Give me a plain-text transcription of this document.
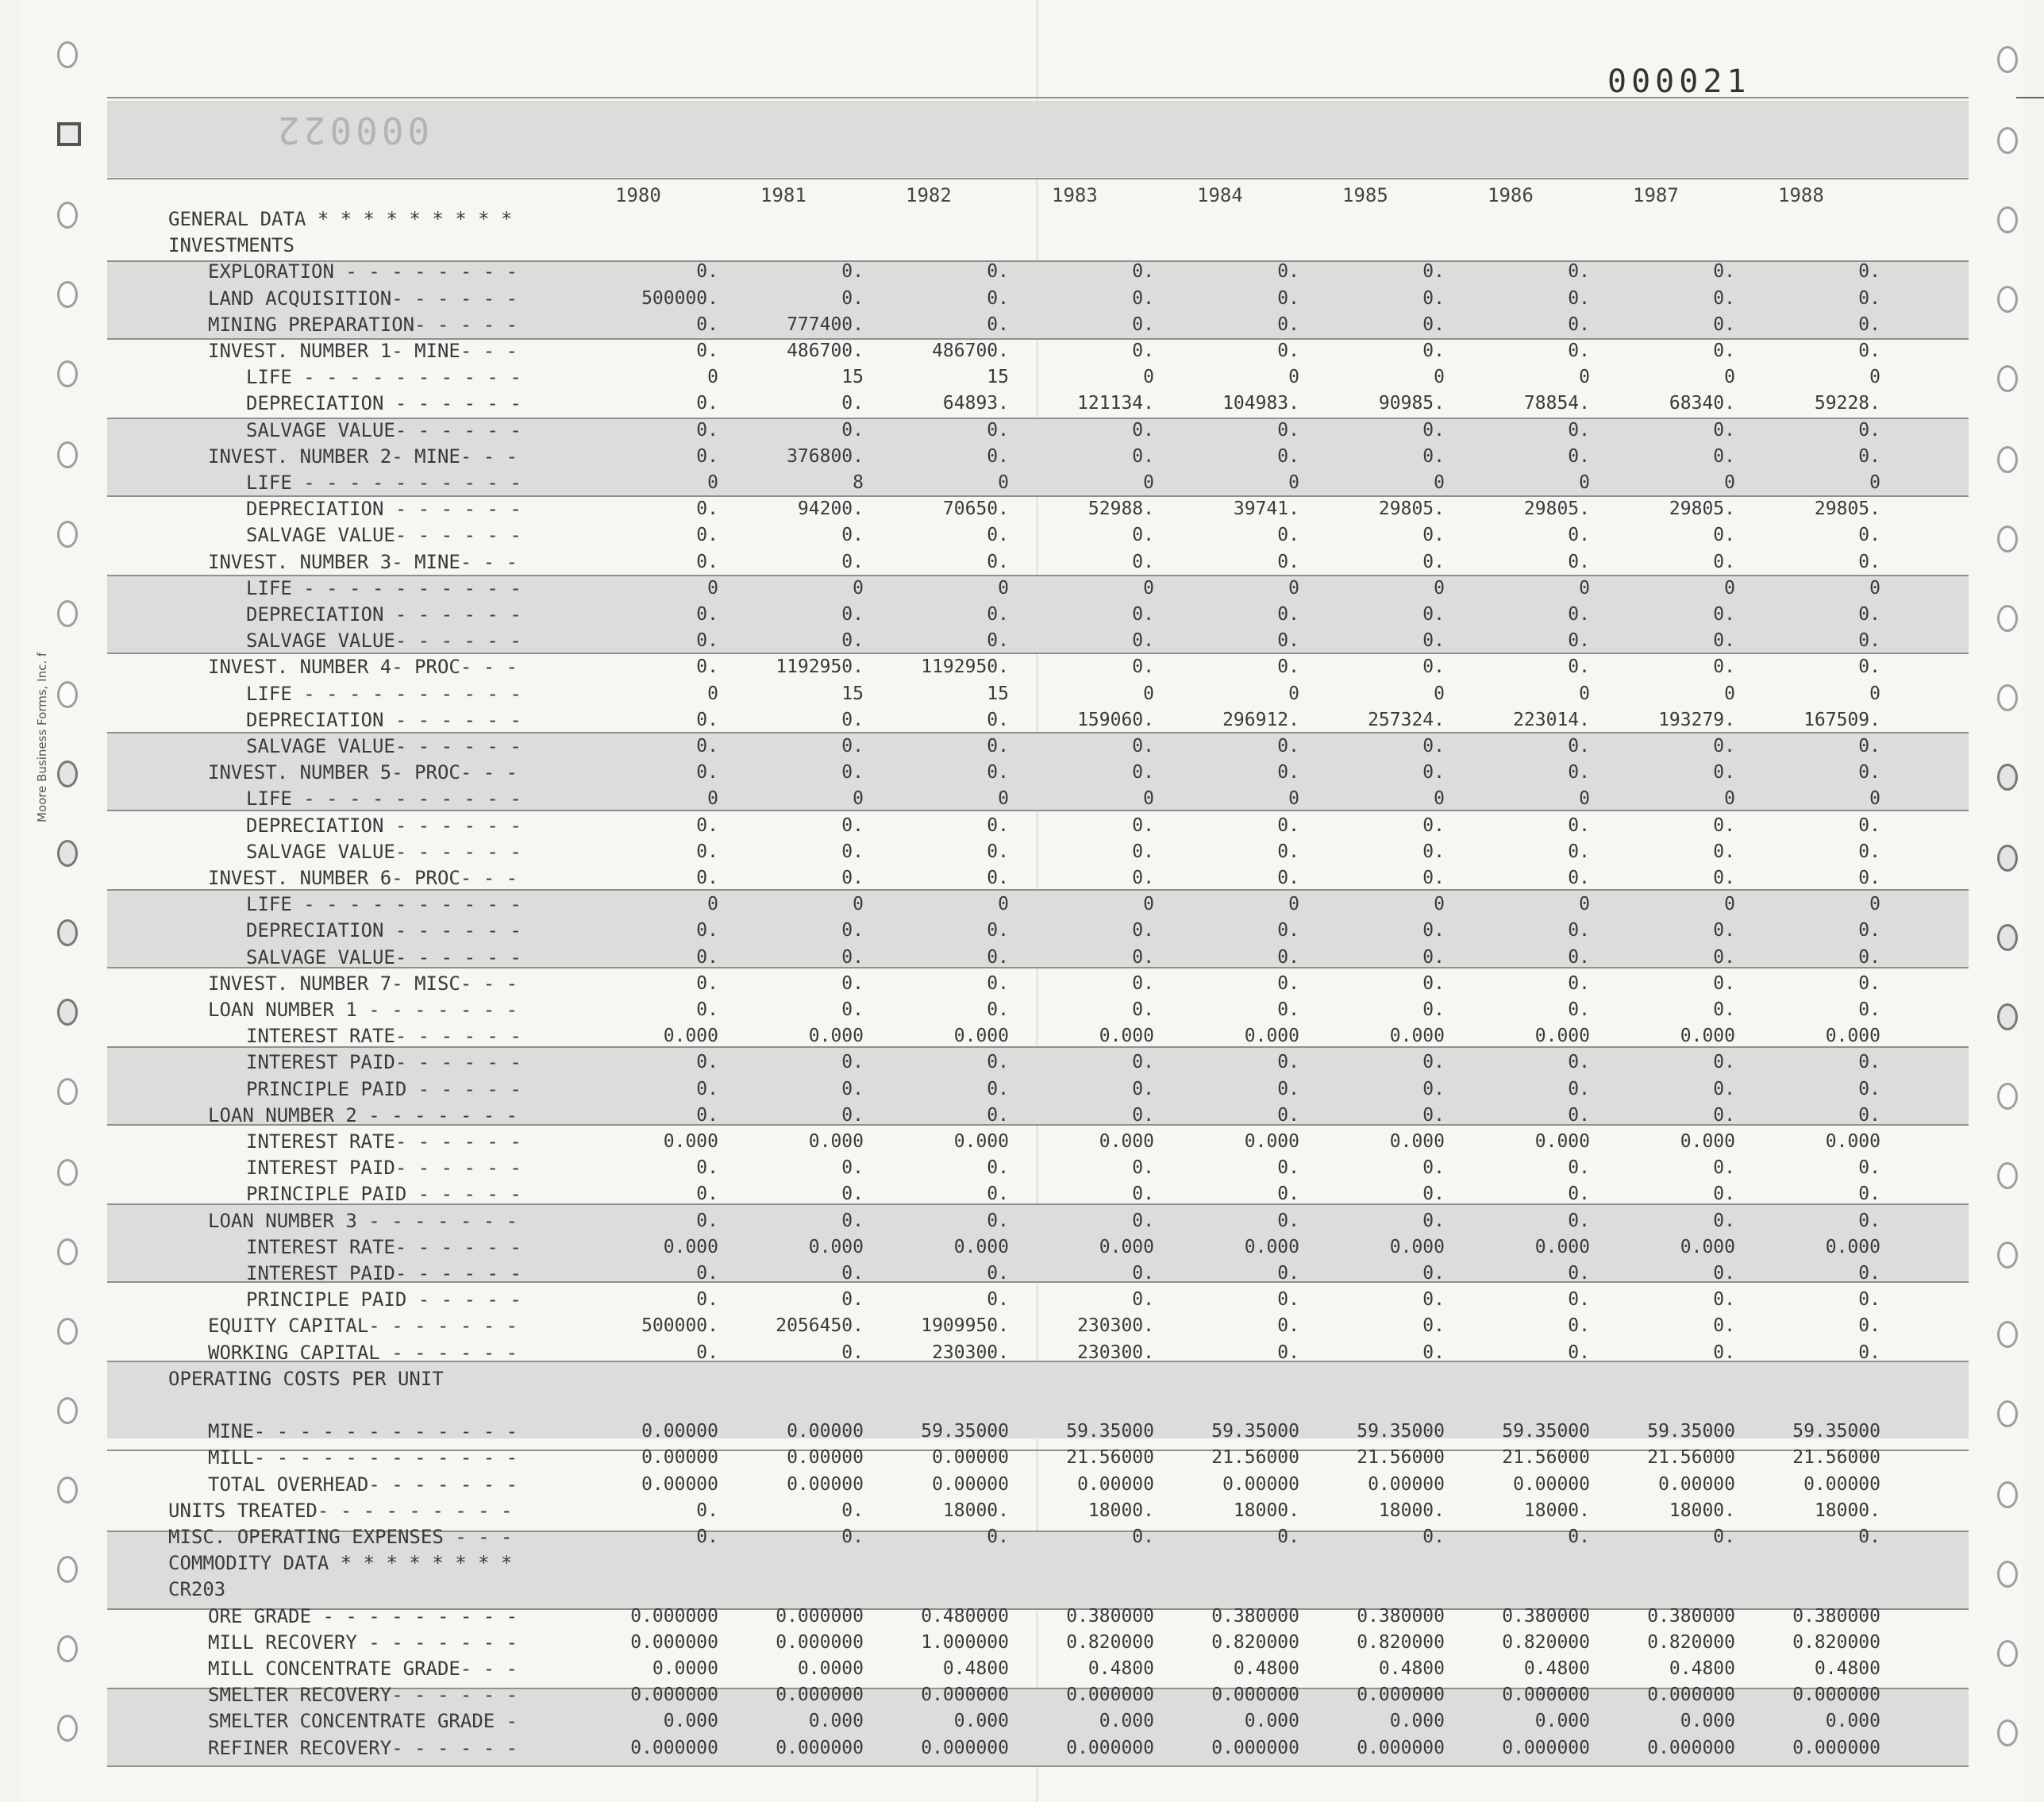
Moore Business Forms, Inc. f
000021
000022
1980	1981	1982	1983	1984	1985	1986	1987	1988
GENERAL DATA * * * * * * * * *
INVESTMENTS
EXPLORATION - - - - - - - -	0.	0.	0.	0.	0.	0.	0.	0.	0.
LAND ACQUISITION- - - - - -	500000.	0.	0.	0.	0.	0.	0.	0.	0.
MINING PREPARATION- - - - -	0.	777400.	0.	0.	0.	0.	0.	0.	0.
INVEST. NUMBER 1- MINE- - -	0.	486700.	486700.	0.	0.	0.	0.	0.	0.
LIFE - - - - - - - - - -	0	15	15	0	0	0	0	0	0
DEPRECIATION - - - - - -	0.	0.	64893.	121134.	104983.	90985.	78854.	68340.	59228.
SALVAGE VALUE- - - - - -	0.	0.	0.	0.	0.	0.	0.	0.	0.
INVEST. NUMBER 2- MINE- - -	0.	376800.	0.	0.	0.	0.	0.	0.	0.
LIFE - - - - - - - - - -	0	8	0	0	0	0	0	0	0
DEPRECIATION - - - - - -	0.	94200.	70650.	52988.	39741.	29805.	29805.	29805.	29805.
SALVAGE VALUE- - - - - -	0.	0.	0.	0.	0.	0.	0.	0.	0.
INVEST. NUMBER 3- MINE- - -	0.	0.	0.	0.	0.	0.	0.	0.	0.
LIFE - - - - - - - - - -	0	0	0	0	0	0	0	0	0
DEPRECIATION - - - - - -	0.	0.	0.	0.	0.	0.	0.	0.	0.
SALVAGE VALUE- - - - - -	0.	0.	0.	0.	0.	0.	0.	0.	0.
INVEST. NUMBER 4- PROC- - -	0.	1192950.	1192950.	0.	0.	0.	0.	0.	0.
LIFE - - - - - - - - - -	0	15	15	0	0	0	0	0	0
DEPRECIATION - - - - - -	0.	0.	0.	159060.	296912.	257324.	223014.	193279.	167509.
SALVAGE VALUE- - - - - -	0.	0.	0.	0.	0.	0.	0.	0.	0.
INVEST. NUMBER 5- PROC- - -	0.	0.	0.	0.	0.	0.	0.	0.	0.
LIFE - - - - - - - - - -	0	0	0	0	0	0	0	0	0
DEPRECIATION - - - - - -	0.	0.	0.	0.	0.	0.	0.	0.	0.
SALVAGE VALUE- - - - - -	0.	0.	0.	0.	0.	0.	0.	0.	0.
INVEST. NUMBER 6- PROC- - -	0.	0.	0.	0.	0.	0.	0.	0.	0.
LIFE - - - - - - - - - -	0	0	0	0	0	0	0	0	0
DEPRECIATION - - - - - -	0.	0.	0.	0.	0.	0.	0.	0.	0.
SALVAGE VALUE- - - - - -	0.	0.	0.	0.	0.	0.	0.	0.	0.
INVEST. NUMBER 7- MISC- - -	0.	0.	0.	0.	0.	0.	0.	0.	0.
LOAN NUMBER 1 - - - - - - -	0.	0.	0.	0.	0.	0.	0.	0.	0.
INTEREST RATE- - - - - -	0.000	0.000	0.000	0.000	0.000	0.000	0.000	0.000	0.000
INTEREST PAID- - - - - -	0.	0.	0.	0.	0.	0.	0.	0.	0.
PRINCIPLE PAID - - - - -	0.	0.	0.	0.	0.	0.	0.	0.	0.
LOAN NUMBER 2 - - - - - - -	0.	0.	0.	0.	0.	0.	0.	0.	0.
INTEREST RATE- - - - - -	0.000	0.000	0.000	0.000	0.000	0.000	0.000	0.000	0.000
INTEREST PAID- - - - - -	0.	0.	0.	0.	0.	0.	0.	0.	0.
PRINCIPLE PAID - - - - -	0.	0.	0.	0.	0.	0.	0.	0.	0.
LOAN NUMBER 3 - - - - - - -	0.	0.	0.	0.	0.	0.	0.	0.	0.
INTEREST RATE- - - - - -	0.000	0.000	0.000	0.000	0.000	0.000	0.000	0.000	0.000
INTEREST PAID- - - - - -	0.	0.	0.	0.	0.	0.	0.	0.	0.
PRINCIPLE PAID - - - - -	0.	0.	0.	0.	0.	0.	0.	0.	0.
EQUITY CAPITAL- - - - - - -	500000.	2056450.	1909950.	230300.	0.	0.	0.	0.	0.
WORKING CAPITAL - - - - - -	0.	0.	230300.	230300.	0.	0.	0.	0.	0.
OPERATING COSTS PER UNIT
MINE- - - - - - - - - - - -	0.00000	0.00000	59.35000	59.35000	59.35000	59.35000	59.35000	59.35000	59.35000
MILL- - - - - - - - - - - -	0.00000	0.00000	0.00000	21.56000	21.56000	21.56000	21.56000	21.56000	21.56000
TOTAL OVERHEAD- - - - - - -	0.00000	0.00000	0.00000	0.00000	0.00000	0.00000	0.00000	0.00000	0.00000
UNITS TREATED- - - - - - - - -	0.	0.	18000.	18000.	18000.	18000.	18000.	18000.	18000.
MISC. OPERATING EXPENSES - - -	0.	0.	0.	0.	0.	0.	0.	0.	0.
COMMODITY DATA * * * * * * * *
CR203
ORE GRADE - - - - - - - - -	0.000000	0.000000	0.480000	0.380000	0.380000	0.380000	0.380000	0.380000	0.380000
MILL RECOVERY - - - - - - -	0.000000	0.000000	1.000000	0.820000	0.820000	0.820000	0.820000	0.820000	0.820000
MILL CONCENTRATE GRADE- - -	0.0000	0.0000	0.4800	0.4800	0.4800	0.4800	0.4800	0.4800	0.4800
SMELTER RECOVERY- - - - - -	0.000000	0.000000	0.000000	0.000000	0.000000	0.000000	0.000000	0.000000	0.000000
SMELTER CONCENTRATE GRADE -	0.000	0.000	0.000	0.000	0.000	0.000	0.000	0.000	0.000
REFINER RECOVERY- - - - - -	0.000000	0.000000	0.000000	0.000000	0.000000	0.000000	0.000000	0.000000	0.000000
